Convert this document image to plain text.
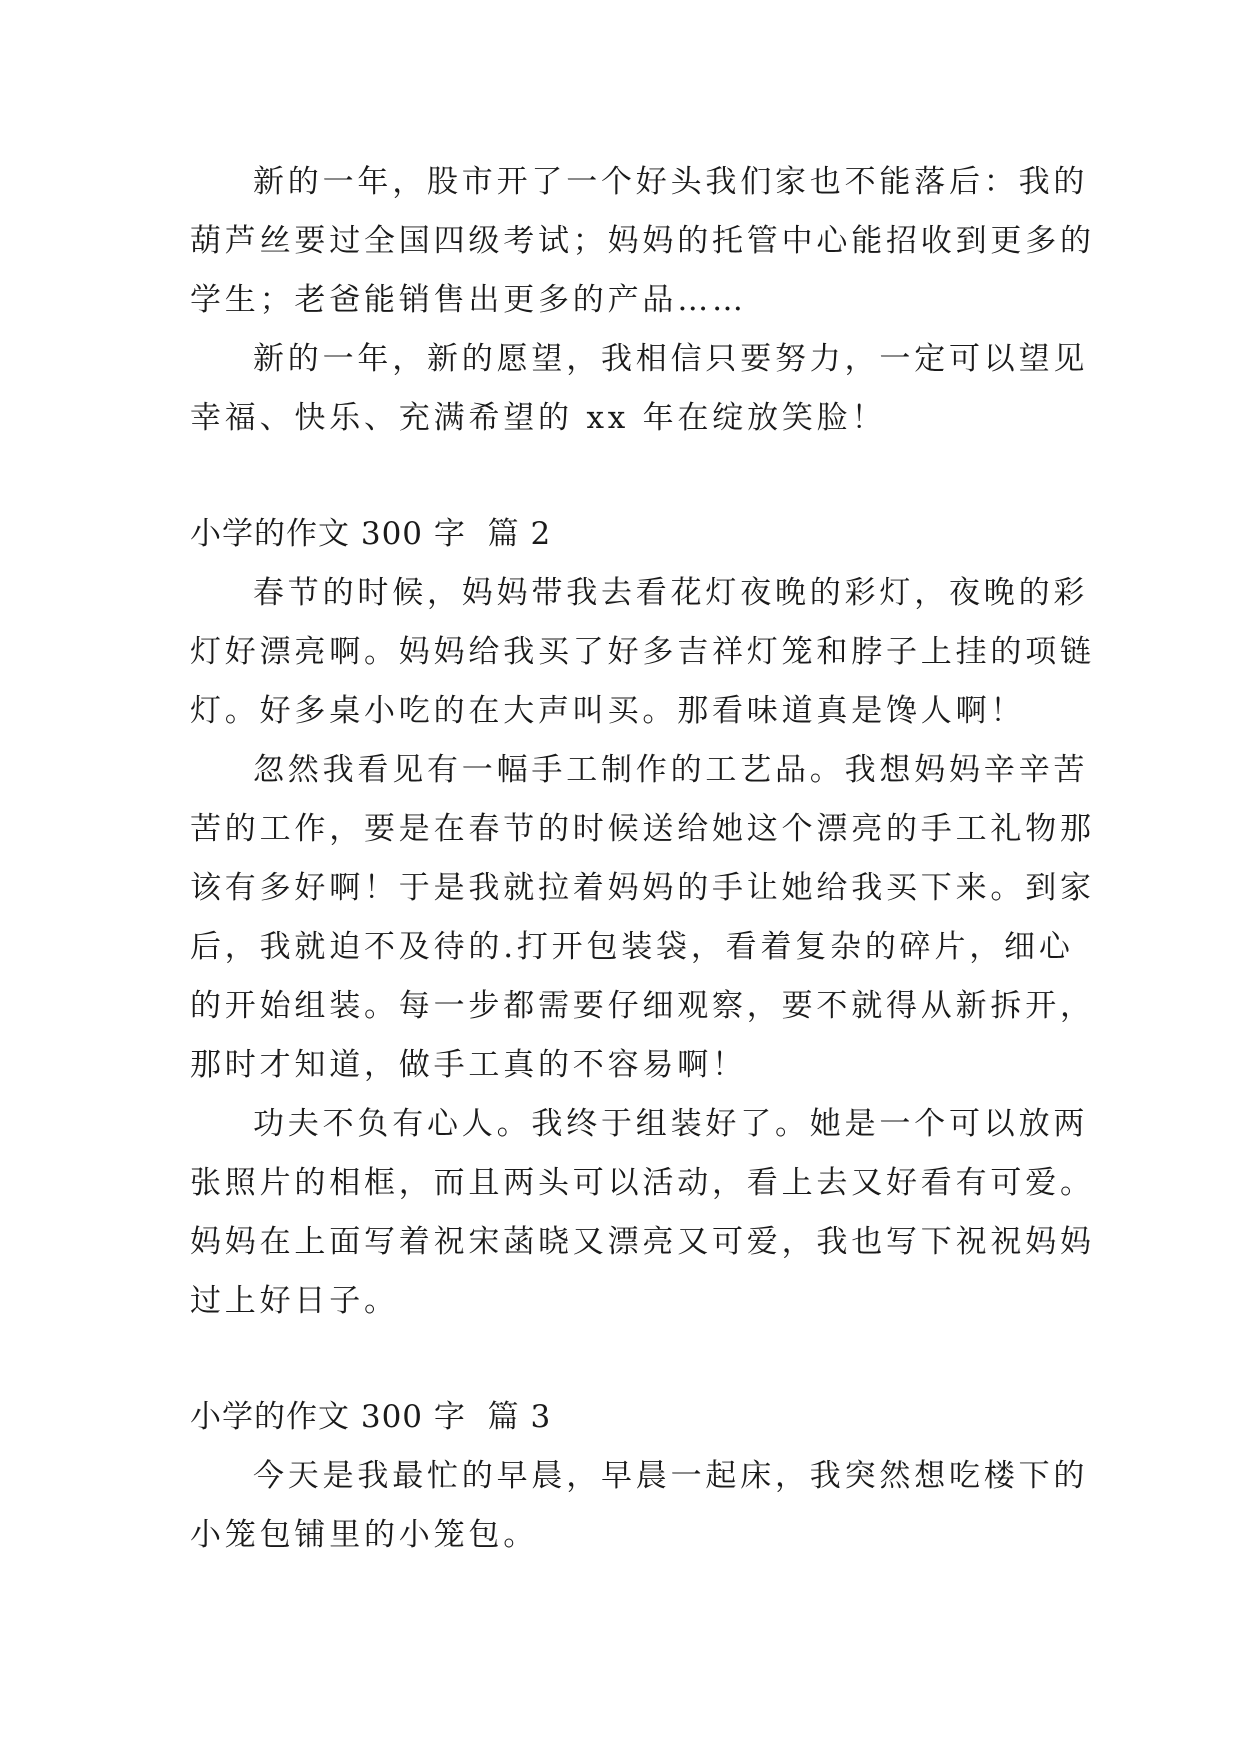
新的一年，股市开了一个好头我们家也不能落后：我的
葫芦丝要过全国四级考试；妈妈的托管中心能招收到更多的
学生；老爸能销售出更多的产品……
新的一年，新的愿望，我相信只要努力，一定可以望见
幸福、快乐、充满希望的 xx 年在绽放笑脸！
小学的作文 300 字  篇 2
春节的时候，妈妈带我去看花灯夜晚的彩灯，夜晚的彩
灯好漂亮啊。妈妈给我买了好多吉祥灯笼和脖子上挂的项链
灯。好多桌小吃的在大声叫买。那看味道真是馋人啊！
忽然我看见有一幅手工制作的工艺品。我想妈妈辛辛苦
苦的工作，要是在春节的时候送给她这个漂亮的手工礼物那
该有多好啊！于是我就拉着妈妈的手让她给我买下来。到家
后，我就迫不及待的.打开包装袋，看着复杂的碎片，细心
的开始组装。每一步都需要仔细观察，要不就得从新拆开，
那时才知道，做手工真的不容易啊！
功夫不负有心人。我终于组装好了。她是一个可以放两
张照片的相框，而且两头可以活动，看上去又好看有可爱。
妈妈在上面写着祝宋菡晓又漂亮又可爱，我也写下祝祝妈妈
过上好日子。
小学的作文 300 字  篇 3
今天是我最忙的早晨，早晨一起床，我突然想吃楼下的
小笼包铺里的小笼包。
